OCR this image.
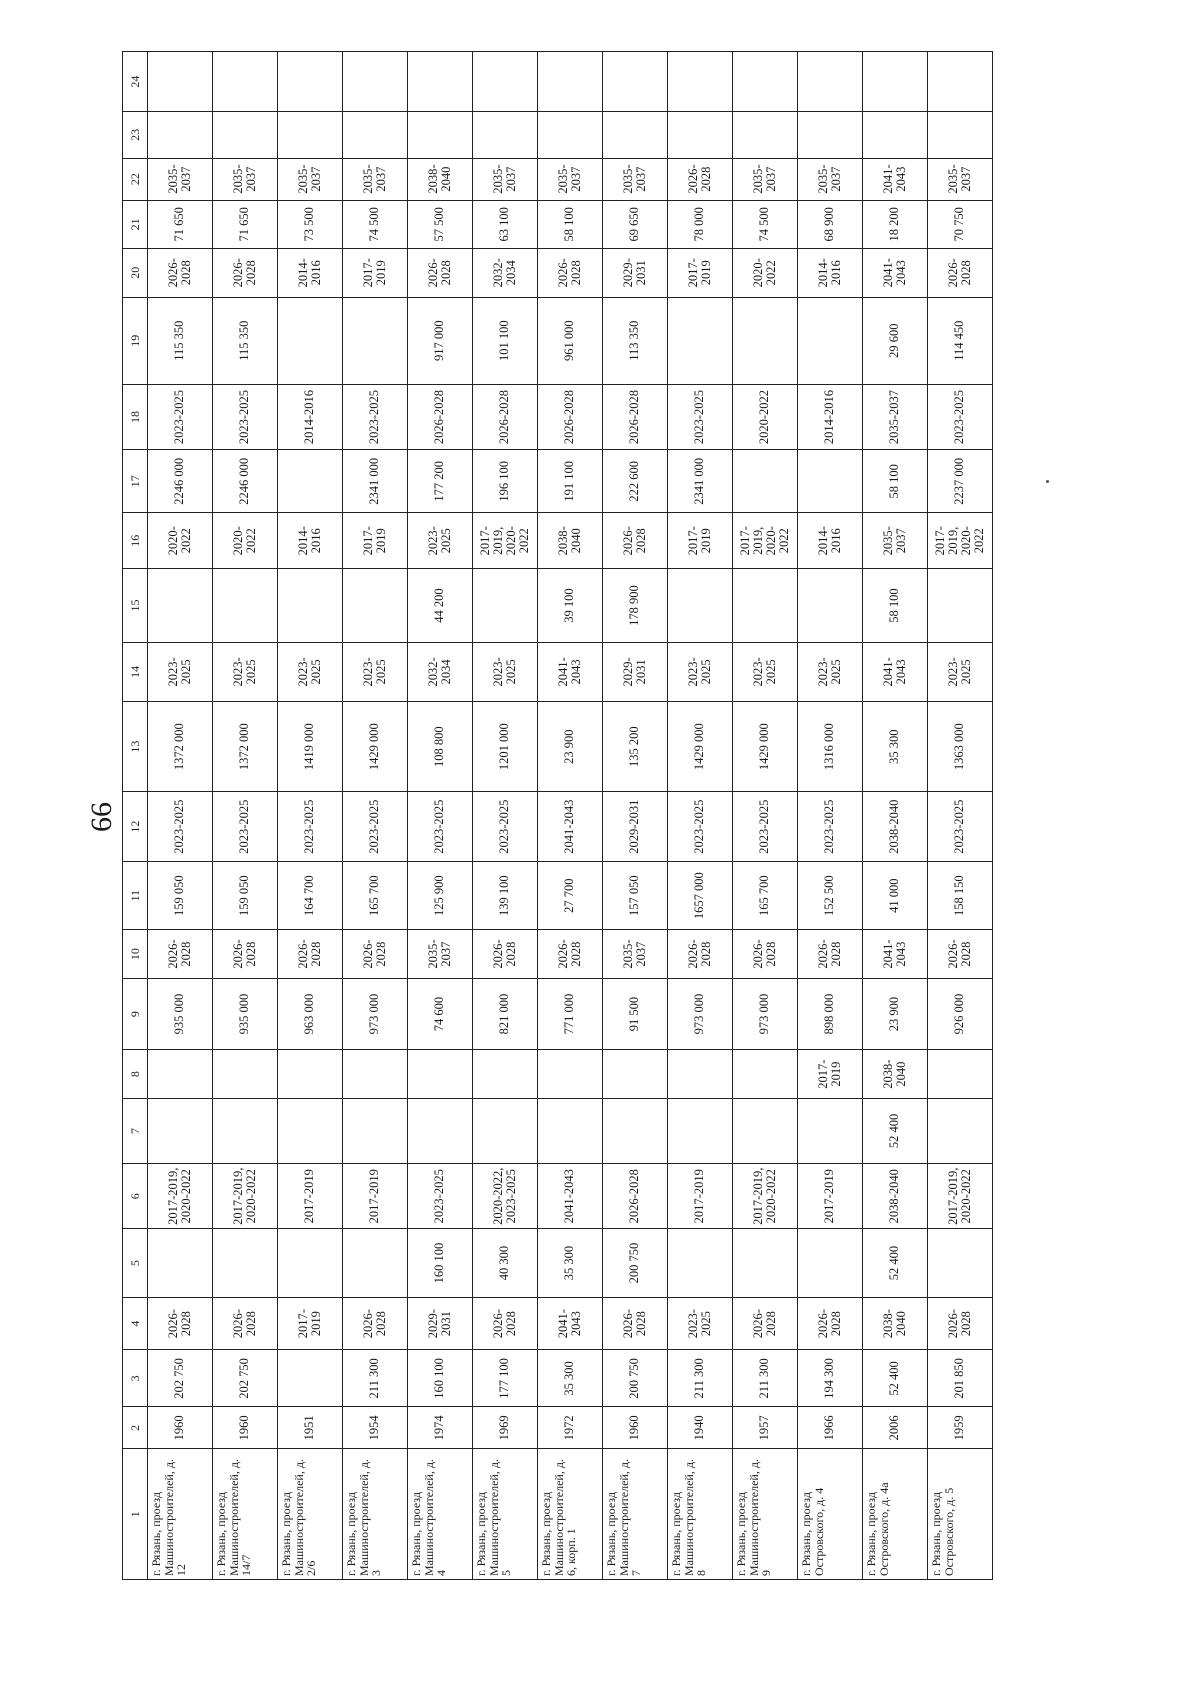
66
1	2	3	4	5	6	7	8	9	10	11	12	13	14	15	16	17	18	19	20	21	22	23	24
г. Рязань, проезд Машиностроителей, д. 12	1960	202 750	2026-2028		2017-2019, 2020-2022			935 000	2026-2028	159 050	2023-2025	1372 000	2023-2025		2020-2022	2246 000	2023-2025	115 350	2026-2028	71 650	2035-2037		
г. Рязань, проезд Машиностроителей, д. 14/7	1960	202 750	2026-2028		2017-2019, 2020-2022			935 000	2026-2028	159 050	2023-2025	1372 000	2023-2025		2020-2022	2246 000	2023-2025	115 350	2026-2028	71 650	2035-2037		
г. Рязань, проезд Машиностроителей, д. 2/6	1951		2017-2019		2017-2019			963 000	2026-2028	164 700	2023-2025	1419 000	2023-2025		2014-2016		2014-2016		2014-2016	73 500	2035-2037		
г. Рязань, проезд Машиностроителей, д. 3	1954	211 300	2026-2028		2017-2019			973 000	2026-2028	165 700	2023-2025	1429 000	2023-2025		2017-2019	2341 000	2023-2025		2017-2019	74 500	2035-2037		
г. Рязань, проезд Машиностроителей, д. 4	1974	160 100	2029-2031	160 100	2023-2025			74 600	2035-2037	125 900	2023-2025	108 800	2032-2034	44 200	2023-2025	177 200	2026-2028	917 000	2026-2028	57 500	2038-2040		
г. Рязань, проезд Машиностроителей, д. 5	1969	177 100	2026-2028	40 300	2020-2022, 2023-2025			821 000	2026-2028	139 100	2023-2025	1201 000	2023-2025		2017-2019, 2020-2022	196 100	2026-2028	101 100	2032-2034	63 100	2035-2037		
г. Рязань, проезд Машиностроителей, д. 6, корп. 1	1972	35 300	2041-2043	35 300	2041-2043			771 000	2026-2028	27 700	2041-2043	23 900	2041-2043	39 100	2038-2040	191 100	2026-2028	961 000	2026-2028	58 100	2035-2037		
г. Рязань, проезд Машиностроителей, д. 7	1960	200 750	2026-2028	200 750	2026-2028			91 500	2035-2037	157 050	2029-2031	135 200	2029-2031	178 900	2026-2028	222 600	2026-2028	113 350	2029-2031	69 650	2035-2037		
г. Рязань, проезд Машиностроителей, д. 8	1940	211 300	2023-2025		2017-2019			973 000	2026-2028	1657 000	2023-2025	1429 000	2023-2025		2017-2019	2341 000	2023-2025		2017-2019	78 000	2026-2028		
г. Рязань, проезд Машиностроителей, д. 9	1957	211 300	2026-2028		2017-2019, 2020-2022			973 000	2026-2028	165 700	2023-2025	1429 000	2023-2025		2017-2019, 2020-2022		2020-2022		2020-2022	74 500	2035-2037		
г. Рязань, проезд Островского, д. 4	1966	194 300	2026-2028		2017-2019		2017-2019	898 000	2026-2028	152 500	2023-2025	1316 000	2023-2025		2014-2016		2014-2016		2014-2016	68 900	2035-2037		
г. Рязань, проезд Островского, д. 4а	2006	52 400	2038-2040	52 400	2038-2040	52 400	2038-2040	23 900	2041-2043	41 000	2038-2040	35 300	2041-2043	58 100	2035-2037	58 100	2035-2037	29 600	2041-2043	18 200	2041-2043		
г. Рязань, проезд Островского, д. 5	1959	201 850	2026-2028		2017-2019, 2020-2022			926 000	2026-2028	158 150	2023-2025	1363 000	2023-2025		2017-2019, 2020-2022	2237 000	2023-2025	114 450	2026-2028	70 750	2035-2037		
